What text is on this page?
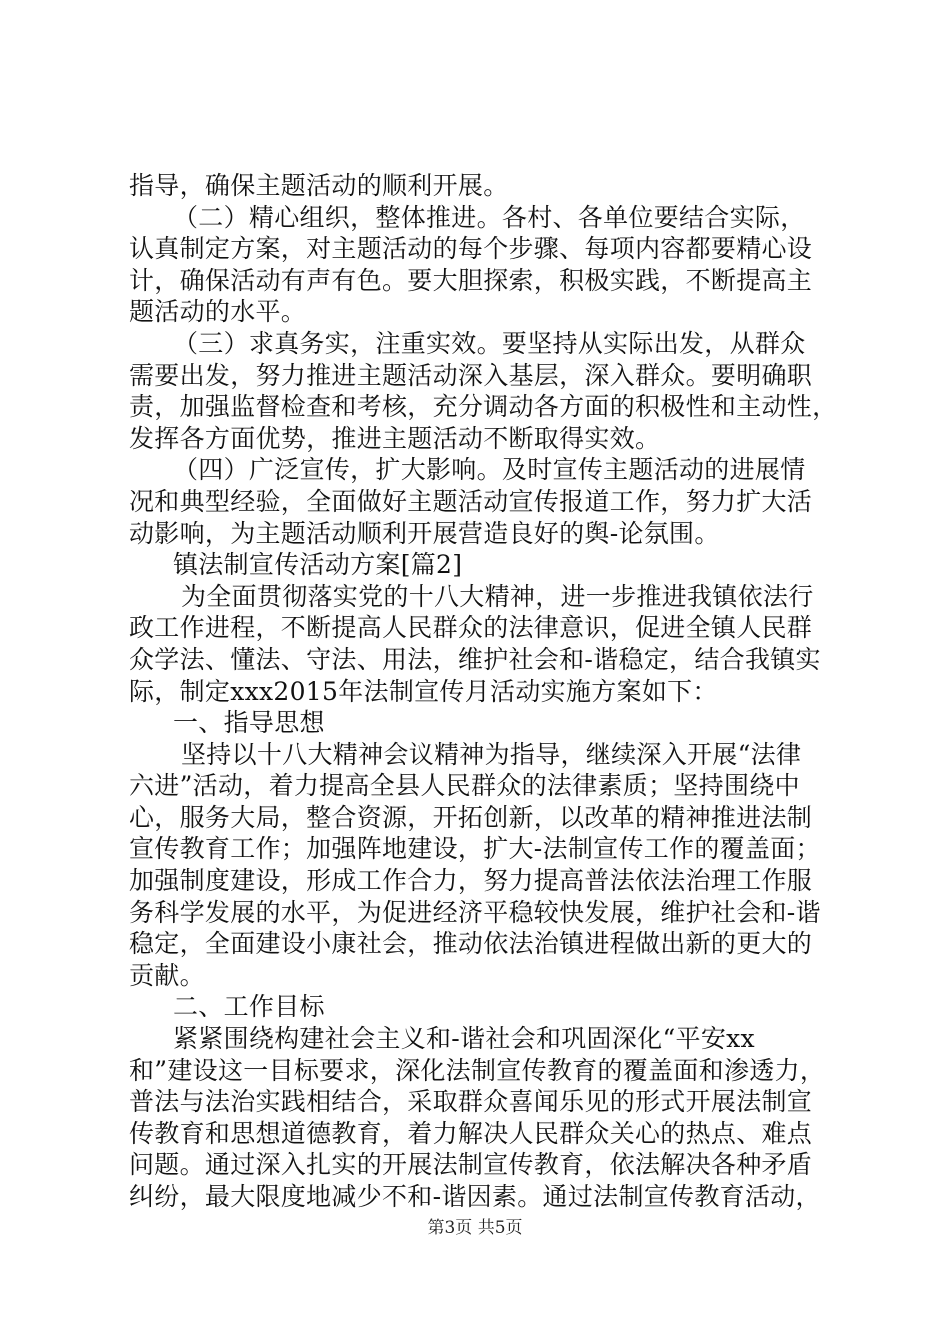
指导，确保主题活动的顺利开展。
（二）精心组织，整体推进。各村、各单位要结合实际，
认真制定方案，对主题活动的每个步骤、每项内容都要精心设
计，确保活动有声有色。要大胆探索，积极实践，不断提高主
题活动的水平。
（三）求真务实，注重实效。要坚持从实际出发，从群众
需要出发，努力推进主题活动深入基层，深入群众。要明确职
责，加强监督检查和考核，充分调动各方面的积极性和主动性，
发挥各方面优势，推进主题活动不断取得实效。
（四）广泛宣传，扩大影响。及时宣传主题活动的进展情
况和典型经验，全面做好主题活动宣传报道工作，努力扩大活
动影响，为主题活动顺利开展营造良好的舆-论氛围。
镇法制宣传活动方案[篇2]
为全面贯彻落实党的十八大精神，进一步推进我镇依法行
政工作进程，不断提高人民群众的法律意识，促进全镇人民群
众学法、懂法、守法、用法，维护社会和-谐稳定，结合我镇实
际，制定xxx2015年法制宣传月活动实施方案如下：
一、指导思想
坚持以十八大精神会议精神为指导，继续深入开展“法律
六进”活动，着力提高全县人民群众的法律素质；坚持围绕中
心，服务大局，整合资源，开拓创新，以改革的精神推进法制
宣传教育工作；加强阵地建设，扩大-法制宣传工作的覆盖面；
加强制度建设，形成工作合力，努力提高普法依法治理工作服
务科学发展的水平，为促进经济平稳较快发展，维护社会和-谐
稳定，全面建设小康社会，推动依法治镇进程做出新的更大的
贡献。
二、工作目标
紧紧围绕构建社会主义和-谐社会和巩固深化“平安xx
和”建设这一目标要求，深化法制宣传教育的覆盖面和渗透力，
普法与法治实践相结合，采取群众喜闻乐见的形式开展法制宣
传教育和思想道德教育，着力解决人民群众关心的热点、难点
问题。通过深入扎实的开展法制宣传教育，依法解决各种矛盾
纠纷，最大限度地减少不和-谐因素。通过法制宣传教育活动，
第3页 共5页
